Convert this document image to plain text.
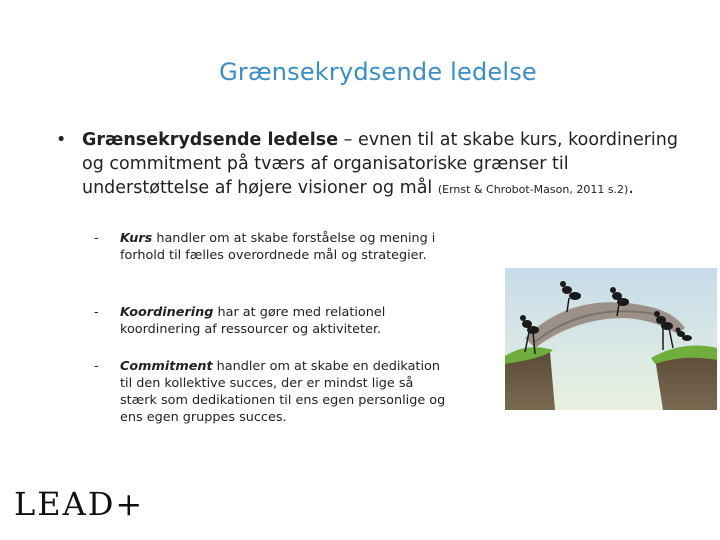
Grænsekrydsende ledelse
• Grænsekrydsende ledelse – evnen til at skabe kurs, koordinering og commitment på tværs af organisatoriske grænser til understøttelse af højere visioner og mål (Ernst & Chrobot-Mason, 2011 s.2).
-	Kurs handler om at skabe forståelse og mening i forhold til fælles overordnede mål og strategier.
-	Koordinering har at gøre med relationel koordinering af ressourcer og aktiviteter.
-	Commitment handler om at skabe en dedikation til den kollektive succes, der er mindst lige så stærk som dedikationen til ens egen personlige og ens egen gruppes succes.
LEAD+
